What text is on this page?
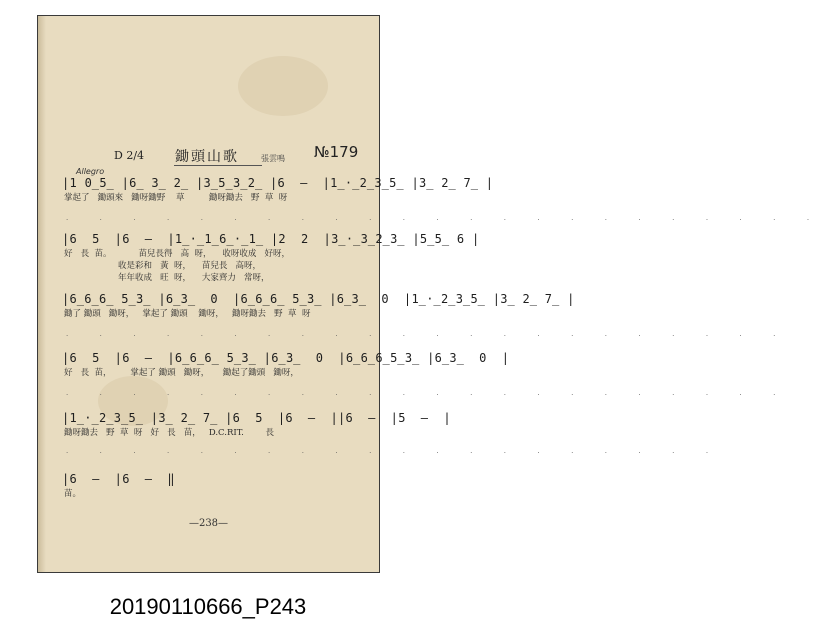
D 2/4 鋤頭山歌	張雲鳴 №179
Allegro
|1 ⁠0̲5̲ |6̲ 3̲ 2̲ |3̲5̲3̲2̲ |6  —  |1̲·̲2̲3̲5̲ |3̲ 2̲ 7̲ |
掌起了   鋤頭來   鋤呀鋤野    草         鋤呀鋤去   野  草  呀
·  ·  ·  ·  ·  ·  ·  ·  ·  ·  ·  ·  ·  ·  ·  ·  ·  ·  ·  ·  ·  ·  ·
|6  5  |6  —  |1̲·̲1̲6̲·̲1̲ |2  2  |3̲·̲3̲2̲3̲ |5̲5̲ 6 |
好   長  苗。          苗兒長得   高  呀，    收呀收成   好呀，
收是彩和   黃  呀，    苗兒長   高呀，
年年收成   旺  呀，    大家齊力   常呀，
|6̲6̲6̲ 5̲3̲ |6̲3̲  0  |6̲6̲6̲ 5̲3̲ |6̲3̲  0  |1̲·̲2̲3̲5̲ |3̲ 2̲ 7̲ |
鋤了 鋤頭   鋤呀，   掌起了 鋤頭    鋤呀，   鋤呀鋤去   野  草  呀
·  ·  ·  ·  ·  ·  ·  ·  ·  ·  ·  ·  ·  ·  ·  ·  ·  ·  ·  ·  ·  ·
|6  5  |6  —  |6̲6̲6̲ 5̲3̲ |6̲3̲  0  |6̲6̲6̲5̲3̲ |6̲3̲  0  |
好   長  苗，       掌起了 鋤頭   鋤呀，     鋤起了鋤頭   鋤呀，
·  ·  ·  ·  ·  ·  ·  ·  ·  ·  ·  ·  ·  ·  ·  ·  ·  ·  ·  ·  ·  ·
|1̲·̲2̲3̲5̲ |3̲ 2̲ 7̲ |6  5  |6  —  ||6  —  |5  —  |
鋤呀鋤去   野  草  呀   好   長   苗，   D.C.RIT.        長
·  ·  ·  ·  ·  ·  ·  ·  ·  ·  ·  ·  ·  ·  ·  ·  ·  ·  ·  ·
|6  —  |6  —  ‖
苗。
—238—
20190110666_P243
